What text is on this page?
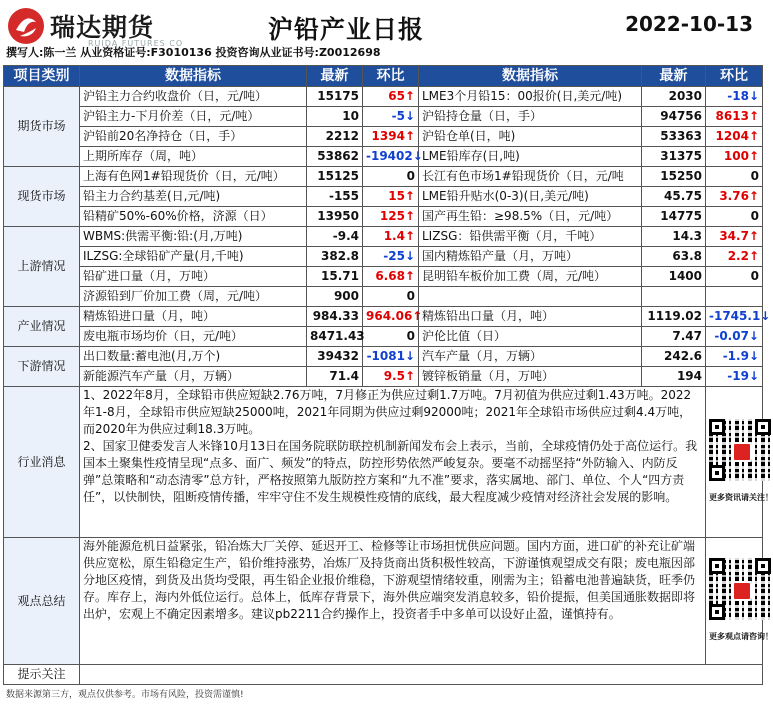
瑞达期货
RUIDA FUTURES CO	沪铅产业日报	2022-10-13
撰写人:陈一兰 从业资格证号:F3010136 投资咨询从业证书号:Z0012698
项目类别	数据指标	最新	环比	数据指标	最新	环比
期货市场	沪铅主力合约收盘价（日，元/吨）	15175	65↑	LME3个月铅15：00报价(日,美元/吨)	2030	-18↓
	沪铅主力-下月价差（日，元/吨）	10	-5↓	沪铅持仓量（日，手）	94756	8613↑
	沪铅前20名净持仓（日，手）	2212	1394↑	沪铅仓单(日，吨)	53363	1204↑
	上期所库存（周，吨）	53862	-19402↓	LME铅库存(日,吨)	31375	100↑
现货市场	上海有色网1#铅现货价（日，元/吨）	15125	0	长江有色市场1#铅现货价（日，元/吨	15250	0
	铅主力合约基差(日,元/吨)	-155	15↑	LME铅升贴水(0-3)(日,美元/吨)	45.75	3.76↑
	铅精矿50%-60%价格，济源（日）	13950	125↑	国产再生铅：≥98.5%（日，元/吨）	14775	0
上游情况	WBMS:供需平衡:铅:(月,万吨)	-9.4	1.4↑	LIZSG：铅供需平衡（月，千吨）	14.3	34.7↑
	ILZSG:全球铅矿产量(月,千吨)	382.8	-25↓	国内精炼铅产量（月，万吨）	63.8	2.2↑
	铅矿进口量（月，万吨）	15.71	6.68↑	昆明铅车板价加工费（周，元/吨）	1400	0
	济源铅到厂价加工费（周，元/吨）	900	0			
产业情况	精炼铅进口量（月，吨）	984.33	964.06↑	精炼铅出口量（月，吨）	1119.02	-1745.1↓
	废电瓶市场均价（日，元/吨）	8471.43	0	沪伦比值（日）	7.47	-0.07↓
下游情况	出口数量:蓄电池(月,万个)	39432	-1081↓	汽车产量（月，万辆）	242.6	-1.9↓
	新能源汽车产量（月，万辆）	71.4	9.5↑	镀锌板销量（月，万吨）	194	-19↓
行业消息	1、2022年8月，全球铅市供应短缺2.76万吨，7月修正为供应过剩1.7万吨。7月初值为供应过剩1.43万吨。2022年1-8月，全球铅市供应短缺25000吨，2021年同期为供应过剩92000吨；2021年全球铅市场供应过剩4.4万吨，而2020年为供应过剩18.3万吨。
2、国家卫健委发言人米锋10月13日在国务院联防联控机制新闻发布会上表示，当前，全球疫情仍处于高位运行。我国本土聚集性疫情呈现“点多、面广、频发”的特点，防控形势依然严峻复杂。要毫不动摇坚持“外防输入、内防反弹”总策略和“动态清零”总方针，严格按照第九版防控方案和“九不准”要求，落实属地、部门、单位、个人“四方责任”，以快制快，阻断疫情传播，牢牢守住不发生规模性疫情的底线，最大程度减少疫情对经济社会发展的影响。					更多资讯请关注！

观点总结	海外能源危机日益紧张，铅冶炼大厂关停、延迟开工、检修等让市场担忧供应问题。国内方面，进口矿的补充让矿端供应宽松，原生铅稳定生产，铅价维持涨势，冶炼厂及持货商出货积极性较高，下游谨慎观望成交有限；废电瓶因部分地区疫情，到货及出货均受限，再生铅企业报价维稳，下游观望情绪较重，刚需为主；铅蓄电池普遍缺货，旺季仍存。库存上，海内外低位运行。总体上，低库存背景下，海外供应端突发消息较多，铅价提振，但美国通胀数据即将出炉，宏观上不确定因素增多。建议pb2211合约操作上，投资者手中多单可以设好止盈，谨慎持有。					更多观点请咨询！

提示关注						
数据来源第三方，观点仅供参考。市场有风险，投资需谨慎!
